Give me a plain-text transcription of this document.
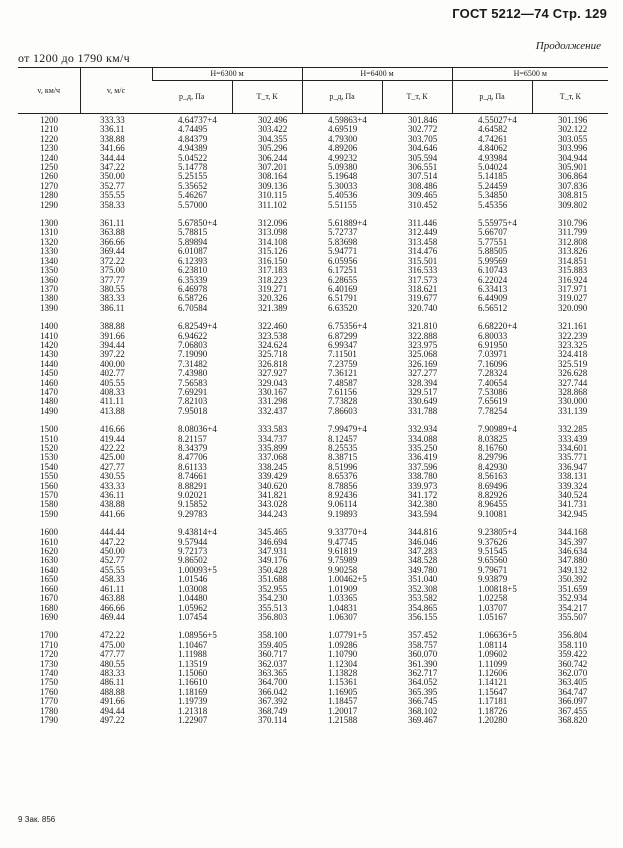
ГОСТ 5212—74 Стр. 129
Продолжение
от 1200 до 1790 км/ч
v, км/ч	v, м/с	H=6300 м		H=6400 м		H=6500 м	
		p_д, Па	T_т, К	p_д, Па	T_т, К	p_д, Па	T_т, К
1200	333.33	4.64737+4	302.496	4.59863+4	301.846	4.55027+4	301.196
1210	336.11	4.74495	303.422	4.69519	302.772	4.64582	302.122
1220	338.88	4.84379	304.355	4.79300	303.705	4.74261	303.055
1230	341.66	4.94389	305.296	4.89206	304.646	4.84062	303.996
1240	344.44	5.04522	306.244	4.99232	305.594	4.93984	304.944
1250	347.22	5.14778	307.201	5.09380	306.551	5.04024	305.901
1260	350.00	5.25155	308.164	5.19648	307.514	5.14185	306.864
1270	352.77	5.35652	309.136	5.30033	308.486	5.24459	307.836
1280	355.55	5.46267	310.115	5.40536	309.465	5.34850	308.815
1290	358.33	5.57000	311.102	5.51155	310.452	5.45356	309.802

1300	361.11	5.67850+4	312.096	5.61889+4	311.446	5.55975+4	310.796
1310	363.88	5.78815	313.098	5.72737	312.449	5.66707	311.799
1320	366.66	5.89894	314.108	5.83698	313.458	5.77551	312.808
1330	369.44	6.01087	315.126	5.94771	314.476	5.88505	313.826
1340	372.22	6.12393	316.150	6.05956	315.501	5.99569	314.851
1350	375.00	6.23810	317.183	6.17251	316.533	6.10743	315.883
1360	377.77	6.35339	318.223	6.28655	317.573	6.22024	316.924
1370	380.55	6.46978	319.271	6.40169	318.621	6.33413	317.971
1380	383.33	6.58726	320.326	6.51791	319.677	6.44909	319.027
1390	386.11	6.70584	321.389	6.63520	320.740	6.56512	320.090

1400	388.88	6.82549+4	322.460	6.75356+4	321.810	6.68220+4	321.161
1410	391.66	6.94622	323.538	6.87299	322.888	6.80033	322.239
1420	394.44	7.06803	324.624	6.99347	323.975	6.91950	323.325
1430	397.22	7.19090	325.718	7.11501	325.068	7.03971	324.418
1440	400.00	7.31482	326.818	7.23759	326.169	7.16096	325.519
1450	402.77	7.43980	327.927	7.36121	327.277	7.28324	326.628
1460	405.55	7.56583	329.043	7.48587	328.394	7.40654	327.744
1470	408.33	7.69291	330.167	7.61156	329.517	7.53086	328.868
1480	411.11	7.82103	331.298	7.73828	330.649	7.65619	330.000
1490	413.88	7.95018	332.437	7.86603	331.788	7.78254	331.139

1500	416.66	8.08036+4	333.583	7.99479+4	332.934	7.90989+4	332.285
1510	419.44	8.21157	334.737	8.12457	334.088	8.03825	333.439
1520	422.22	8.34379	335.899	8.25535	335.250	8.16760	334.601
1530	425.00	8.47706	337.068	8.38715	336.419	8.29796	335.771
1540	427.77	8.61133	338.245	8.51996	337.596	8.42930	336.947
1550	430.55	8.74661	339.429	8.65376	338.780	8.56163	338.131
1560	433.33	8.88291	340.620	8.78856	339.973	8.69496	339.324
1570	436.11	9.02021	341.821	8.92436	341.172	8.82926	340.524
1580	438.88	9.15852	343.028	9.06114	342.380	8.96455	341.731
1590	441.66	9.29783	344.243	9.19893	343.594	9.10081	342.945

1600	444.44	9.43814+4	345.465	9.33770+4	344.816	9.23805+4	344.168
1610	447.22	9.57944	346.694	9.47745	346.046	9.37626	345.397
1620	450.00	9.72173	347.931	9.61819	347.283	9.51545	346.634
1630	452.77	9.86502	349.176	9.75989	348.528	9.65560	347.880
1640	455.55	1.00093+5	350.428	9.90258	349.780	9.79671	349.132
1650	458.33	1.01546	351.688	1.00462+5	351.040	9.93879	350.392
1660	461.11	1.03008	352.955	1.01909	352.308	1.00818+5	351.659
1670	463.88	1.04480	354.230	1.03365	353.582	1.02258	352.934
1680	466.66	1.05962	355.513	1.04831	354.865	1.03707	354.217
1690	469.44	1.07454	356.803	1.06307	356.155	1.05167	355.507

1700	472.22	1.08956+5	358.100	1.07791+5	357.452	1.06636+5	356.804
1710	475.00	1.10467	359.405	1.09286	358.757	1.08114	358.110
1720	477.77	1.11988	360.717	1.10790	360.070	1.09602	359.422
1730	480.55	1.13519	362.037	1.12304	361.390	1.11099	360.742
1740	483.33	1.15060	363.365	1.13828	362.717	1.12606	362.070
1750	486.11	1.16610	364.700	1.15361	364.052	1.14121	363.405
1760	488.88	1.18169	366.042	1.16905	365.395	1.15647	364.747
1770	491.66	1.19739	367.392	1.18457	366.745	1.17181	366.097
1780	494.44	1.21318	368.749	1.20017	368.102	1.18726	367.455
1790	497.22	1.22907	370.114	1.21588	369.467	1.20280	368.820
9 Зак. 856
